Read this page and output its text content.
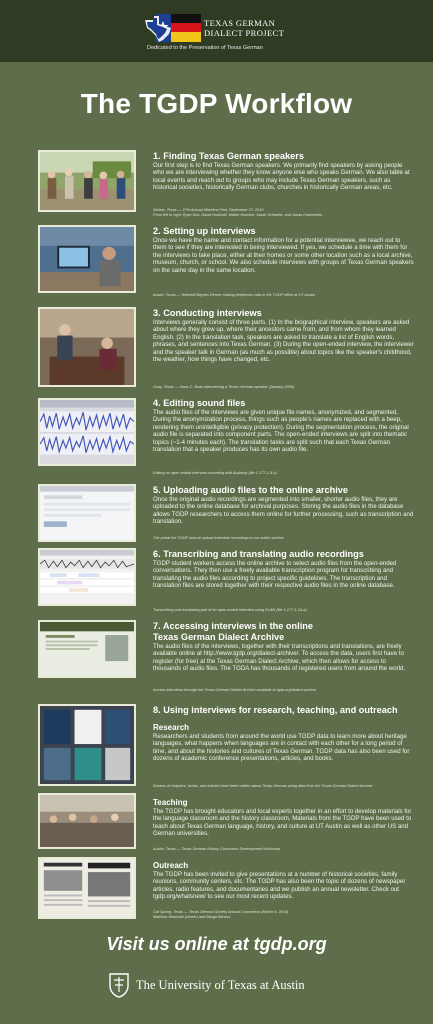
TEXAS GERMAN
DIALECT PROJECT
Dedicated to the Preservation of Texas German
The TGDP Workflow
1. Finding Texas German speakers
Our first step is to find Texas German speakers. We primarily find speakers by asking people who we are interviewing whether they know anyone else who speaks German. We also table at local events and reach out to groups who may include Texas German speakers, such as historical societies, historically German clubs, churches in historically German areas, etc.
Stelzer, Texas — 27th Annual Weinfest Fest, September 27, 2019
From left to right: Ryan Dux, David Hunhold, Walter Kuecker, Sarah Schaefer, and Jonas Kubenstein
2. Setting up interviews
Once we have the name and contact information for a potential interviewee, we reach out to them to see if they are interested in being interviewed. If yes, we schedule a time with them for the interviews to take place, either at their homes or some other location such as a local archive, museum, church, or school. We also schedule interviews with groups of Texas German speakers on the same day in the same location.
Austin, Texas — Wendell Baynes Rerner making telephone calls in the TGDP office at UT Austin
3. Conducting interviews
Interviews generally consist of three parts. (1) In the biographical interview, speakers are asked about where they grew up, where their ancestors came from, and from whom they learned English. (2) In the translation task, speakers are asked to translate a list of English words, phrases, and sentences into Texas German. (3) During the open-ended interview, the interviewer and the speaker talk in German (as much as possible) about topics like the speaker's childhood, the weather, how things have changed, etc.
Ozoy, Texas — Hans C. Boas interviewing a Texas German speaker (January 2006)
4. Editing sound files
The audio files of the interviews are given unique file names, anonymized, and segmented. During the anonymization process, things such as people's names are replaced with a beep, rendering them unintelligible (privacy protection). During the segmentation process, the original audio file is separated into component parts. The open-ended interviews are split into thematic topics (~1-4 minutes each). The translation tasks are split such that each Texas German translation that a speaker produces has its own audio file.
Editing an open-ended interview recording with Audacity (file 1-177-1-9-b)
5. Uploading audio files to the online archive
Once the original audio recordings are segmented into smaller, shorter audio files, they are uploaded to the online database for archival purposes. Storing the audio files in the database allows TGDP researchers to access them online for further processing, such as transcription and translation.
The portal the TGDP uses to upload interview recordings to our online archive
6. Transcribing and translating audio recordings
TGDP student workers access the online archive to select audio files from the open-ended conversations. They then use a freely available transcription program for transcribing and translating the audio files according to project specific guidelines. The transcription and translation files are stored together with their respective audio files in the online database.
Transcribing and translating part of an open-ended interview using ELAN (file 1-177-1-19-a)
7. Accessing interviews in the online
Texas German Dialect Archive
The audio files of the interviews, together with their transcriptions and translations, are freely available online at http://www.tgdp.org/dialect-archive/. To access the data, users first have to register (for free) at the Texas German Dialect Archive, which then allows for access to thousands of audio files. The TGDA has thousands of registered users from around the world.
Access interviews through the Texas German Dialect Archive available to tgdp.org/dialect-archive
8. Using interviews for research, teaching, and outreach
Research
Researchers and students from around the world use TGDP data to learn more about heritage languages, what happens when languages are in contact with each other for a long period of time, and about the histories and cultures of Texas German. TGDP data has also been used for dozens of academic conference presentations, articles, and books.
Dozens of chapters, books, and articles have been written about Texas German using data from the Texas German Dialect Archive
Teaching
The TGDP has brought educators and local experts together in an effort to develop materials for the language classroom and the history classroom. Materials from the TGDP have been used to teach about Texas German language, history, and culture at UT Austin as well as other US and German universities.
Austin, Texas — Texas German History Curriculum Development Workshop
Outreach
The TGDP has been invited to give presentations at a number of historical societies, family reunions, community centers, etc. The TGDP has also been the topic of dozens of newspaper articles, radio features, and documentaries and we publish an annual newsletter. Check out tgdp.org/whatsnew/ to see our most recent updates.
Cat Spring, Texas — Texas German Society Annual Convention (March 9, 2019)
Matthias Warmuth (center) and Margo Blevins
Visit us online at tgdp.org
The University of Texas at Austin
